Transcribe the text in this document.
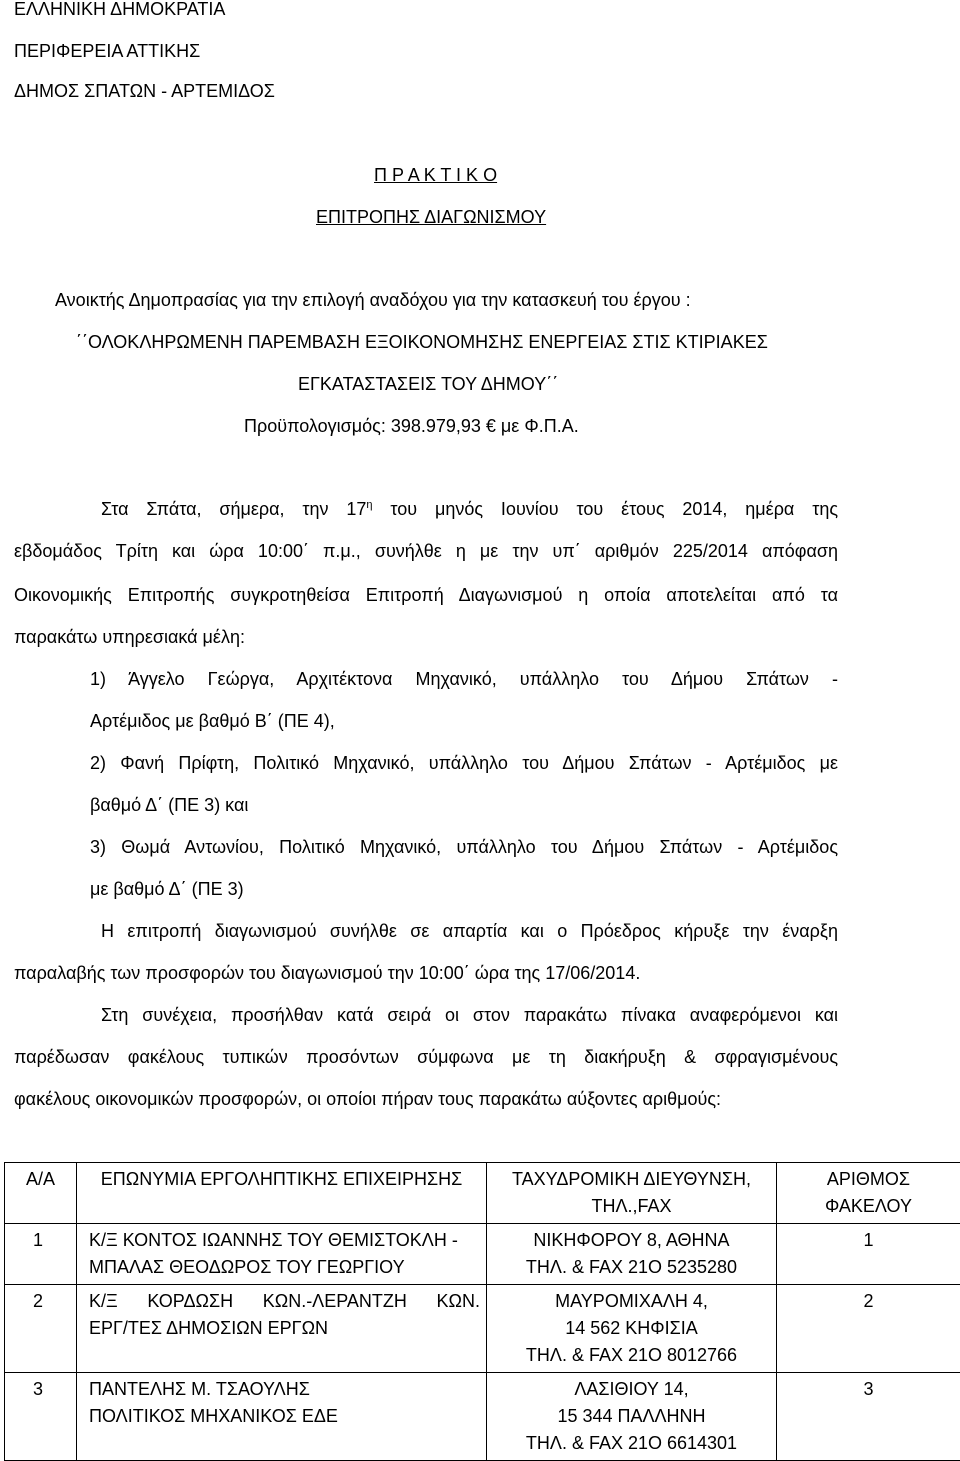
ΕΛΛΗΝΙΚΗ ΔΗΜΟΚΡΑΤΙΑ
ΠΕΡΙΦΕΡΕΙΑ ΑΤΤΙΚΗΣ
ΔΗΜΟΣ ΣΠΑΤΩΝ - ΑΡΤΕΜΙΔΟΣ
Π Ρ Α Κ Τ Ι Κ Ο
ΕΠΙΤΡΟΠΗΣ ΔΙΑΓΩΝΙΣΜΟΥ
Ανοικτής Δημοπρασίας για την επιλογή αναδόχου για την κατασκευή του έργου :
΄΄ΟΛΟΚΛΗΡΩΜΕΝΗ ΠΑΡΕΜΒΑΣΗ ΕΞΟΙΚΟΝΟΜΗΣΗΣ ΕΝΕΡΓΕΙΑΣ ΣΤΙΣ ΚΤΙΡΙΑΚΕΣ
ΕΓΚΑΤΑΣΤΑΣΕΙΣ ΤΟΥ ΔΗΜΟΥ΄΄
Προϋπολογισμός: 398.979,93 € με Φ.Π.Α.
Στα Σπάτα, σήμερα, την $17^\eta$ του μηνός Ιουνίου του έτους 2014, ημέρα της
εβδομάδος Τρίτη και ώρα 10:00΄ π.μ., συνήλθε η με την υπ΄ αριθμόν 225/2014 απόφαση
Οικονομικής Επιτροπής συγκροτηθείσα Επιτροπή Διαγωνισμού η οποία αποτελείται από τα
παρακάτω υπηρεσιακά μέλη:
1) Άγγελο Γεώργα, Αρχιτέκτονα Μηχανικό, υπάλληλο του Δήμου Σπάτων -
Αρτέμιδος με βαθμό Β΄ (ΠΕ 4),
2) Φανή Πρίφτη, Πολιτικό Μηχανικό, υπάλληλο του Δήμου Σπάτων - Αρτέμιδος με
βαθμό Δ΄ (ΠΕ 3) και
3) Θωμά Αντωνίου, Πολιτικό Μηχανικό, υπάλληλο του Δήμου Σπάτων - Αρτέμιδος
με βαθμό Δ΄ (ΠΕ 3)
Η επιτροπή διαγωνισμού συνήλθε σε απαρτία και ο Πρόεδρος κήρυξε την έναρξη
παραλαβής των προσφορών του διαγωνισμού την 10:00΄ ώρα της 17/06/2014.
Στη συνέχεια, προσήλθαν κατά σειρά οι στον παρακάτω πίνακα αναφερόμενοι και
παρέδωσαν φακέλους τυπικών προσόντων σύμφωνα με τη διακήρυξη & σφραγισμένους
φακέλους οικονομικών προσφορών, οι οποίοι πήραν τους παρακάτω αύξοντες αριθμούς:
Α/Α	ΕΠΩΝΥΜΙΑ ΕΡΓΟΛΗΠΤΙΚΗΣ ΕΠΙΧΕΙΡΗΣΗΣ	ΤΑΧΥΔΡΟΜΙΚΗ ΔΙΕΥΘΥΝΣΗ,
ΤΗΛ.,FAX	ΑΡΙΘΜΟΣ
ΦΑΚΕΛΟΥ

1	Κ/Ξ ΚΟΝΤΟΣ ΙΩΑΝΝΗΣ ΤΟΥ ΘΕΜΙΣΤΟΚΛΗ -
ΜΠΑΛΑΣ ΘΕΟΔΩΡΟΣ ΤΟΥ ΓΕΩΡΓΙΟΥ	ΝΙΚΗΦΟΡΟΥ 8, ΑΘΗΝΑ
ΤΗΛ. & FAX 21Ο 5235280	1
2	Κ/Ξ ΚΟΡΔΩΣΗ ΚΩΝ.-ΛΕΡΑΝΤΖΗ ΚΩΝ.
ΕΡΓ/ΤΕΣ ΔΗΜΟΣΙΩΝ ΕΡΓΩΝ	ΜΑΥΡΟΜΙΧΑΛΗ 4,
14 562 ΚΗΦΙΣΙΑ
ΤΗΛ. & FAX 21Ο 8012766	2
3	ΠΑΝΤΕΛΗΣ Μ. ΤΣΑΟΥΛΗΣ
ΠΟΛΙΤΙΚΟΣ ΜΗΧΑΝΙΚΟΣ ΕΔΕ	ΛΑΣΙΘΙΟΥ 14,
15 344 ΠΑΛΛΗΝΗ
ΤΗΛ. & FAX 21Ο 6614301	3
